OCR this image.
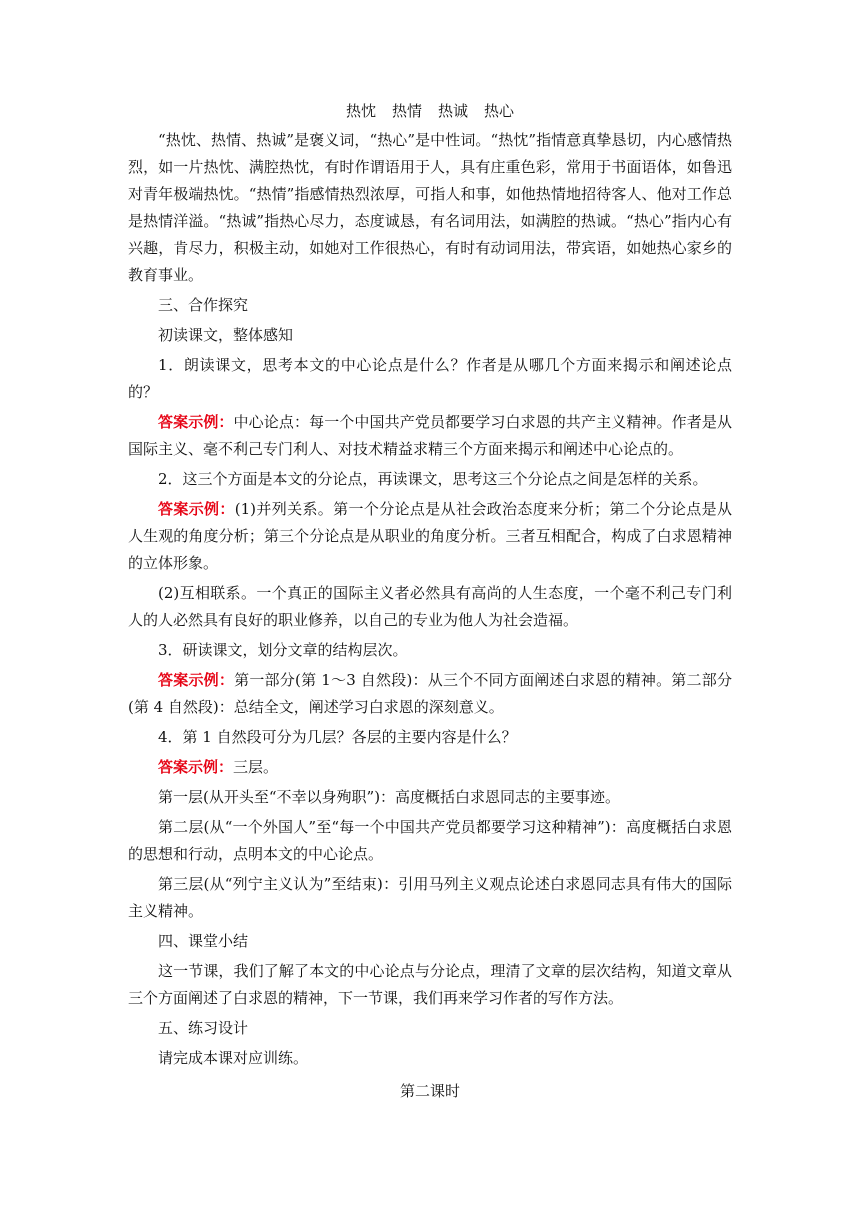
热忱 热情 热诚 热心

“热忱、热情、热诚”是褒义词，“热心”是中性词。“热忱”指情意真挚恳切，内心感情热烈，如一片热忱、满腔热忱，有时作谓语用于人，具有庄重色彩，常用于书面语体，如鲁迅对青年极端热忱。“热情”指感情热烈浓厚，可指人和事，如他热情地招待客人、他对工作总是热情洋溢。“热诚”指热心尽力，态度诚恳，有名词用法，如满腔的热诚。“热心”指内心有兴趣，肯尽力，积极主动，如她对工作很热心，有时有动词用法，带宾语，如她热心家乡的教育事业。

三、合作探究

初读课文，整体感知

1．朗读课文，思考本文的中心论点是什么？作者是从哪几个方面来揭示和阐述论点的？

答案示例：中心论点：每一个中国共产党员都要学习白求恩的共产主义精神。作者是从国际主义、毫不利己专门利人、对技术精益求精三个方面来揭示和阐述中心论点的。

2．这三个方面是本文的分论点，再读课文，思考这三个分论点之间是怎样的关系。

答案示例：(1)并列关系。第一个分论点是从社会政治态度来分析；第二个分论点是从人生观的角度分析；第三个分论点是从职业的角度分析。三者互相配合，构成了白求恩精神的立体形象。

(2)互相联系。一个真正的国际主义者必然具有高尚的人生态度，一个毫不利己专门利人的人必然具有良好的职业修养，以自己的专业为他人为社会造福。

3．研读课文，划分文章的结构层次。

答案示例：第一部分(第 1～3 自然段)：从三个不同方面阐述白求恩的精神。第二部分(第 4 自然段)：总结全文，阐述学习白求恩的深刻意义。

4．第 1 自然段可分为几层？各层的主要内容是什么？

答案示例：三层。

第一层(从开头至“不幸以身殉职”)：高度概括白求恩同志的主要事迹。

第二层(从“一个外国人”至“每一个中国共产党员都要学习这种精神”)：高度概括白求恩的思想和行动，点明本文的中心论点。

第三层(从“列宁主义认为”至结束)：引用马列主义观点论述白求恩同志具有伟大的国际主义精神。

四、课堂小结

这一节课，我们了解了本文的中心论点与分论点，理清了文章的层次结构，知道文章从三个方面阐述了白求恩的精神，下一节课，我们再来学习作者的写作方法。

五、练习设计

请完成本课对应训练。

第二课时
